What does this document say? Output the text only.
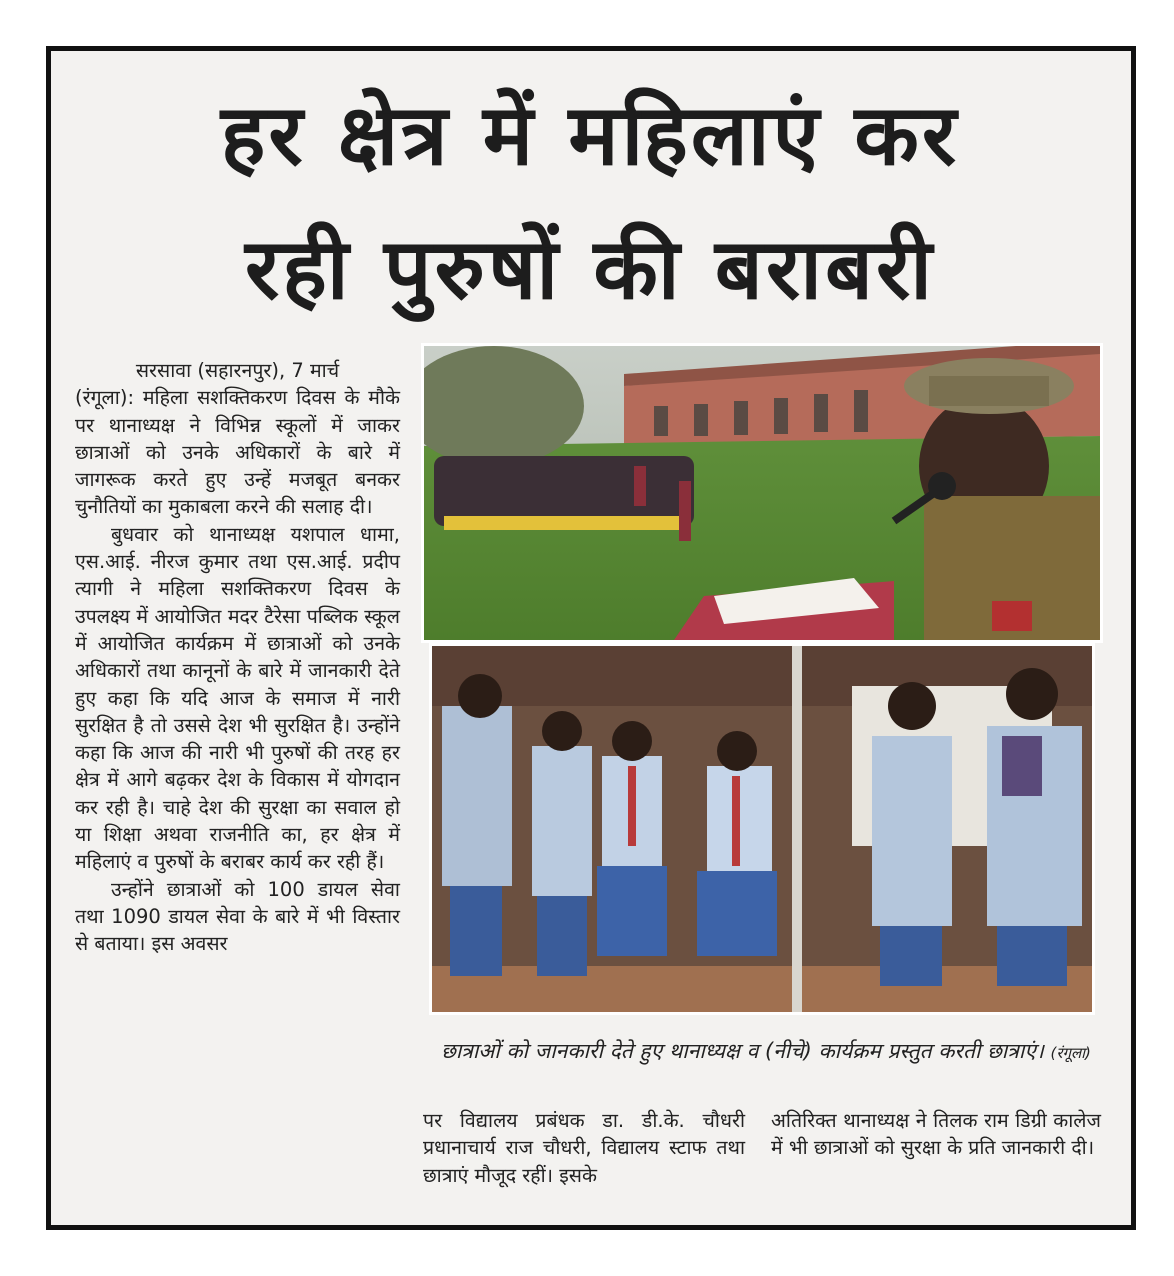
हर क्षेत्र में महिलाएं कर
रही पुरुषों की बराबरी

सरसावा (सहारनपुर), 7 मार्च

(रंगूला): महिला सशक्तिकरण दिवस के मौके पर थानाध्यक्ष ने विभिन्न स्कूलों में जाकर छात्राओं को उनके अधिकारों के बारे में जागरूक करते हुए उन्हें मजबूत बनकर चुनौतियों का मुकाबला करने की सलाह दी।

बुधवार को थानाध्यक्ष यशपाल धामा, एस.आई. नीरज कुमार तथा एस.आई. प्रदीप त्यागी ने महिला सशक्तिकरण दिवस के उपलक्ष्य में आयोजित मदर टैरेसा पब्लिक स्कूल में आयोजित कार्यक्रम में छात्राओं को उनके अधिकारों तथा कानूनों के बारे में जानकारी देते हुए कहा कि यदि आज के समाज में नारी सुरक्षित है तो उससे देश भी सुरक्षित है। उन्होंने कहा कि आज की नारी भी पुरुषों की तरह हर क्षेत्र में आगे बढ़कर देश के विकास में योगदान कर रही है। चाहे देश की सुरक्षा का सवाल हो या शिक्षा अथवा राजनीति का, हर क्षेत्र में महिलाएं व पुरुषों के बराबर कार्य कर रही हैं।

उन्होंने छात्राओं को 100 डायल सेवा तथा 1090 डायल सेवा के बारे में भी विस्तार से बताया। इस अवसर

छात्राओं को जानकारी देते हुए थानाध्यक्ष व (नीचे) कार्यक्रम प्रस्तुत करती छात्राएं। (रंगूला)

पर विद्यालय प्रबंधक डा. डी.के. चौधरी प्रधानाचार्य राज चौधरी, विद्यालय स्टाफ तथा छात्राएं मौजूद रहीं। इसके

अतिरिक्त थानाध्यक्ष ने तिलक राम डिग्री कालेज में भी छात्राओं को सुरक्षा के प्रति जानकारी दी।
